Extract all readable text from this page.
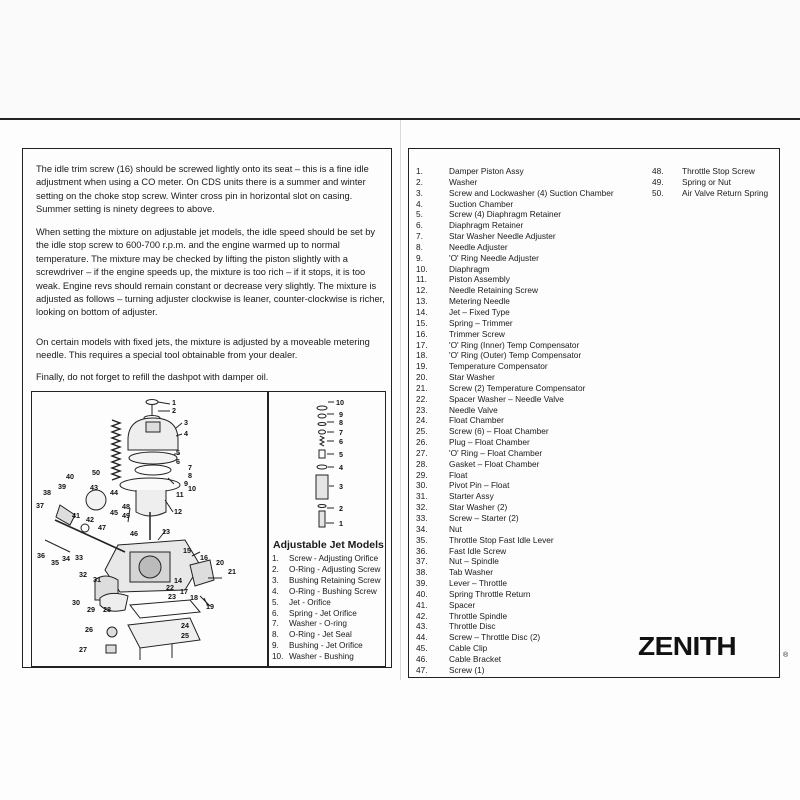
The idle trim screw (16) should be screwed lightly onto its seat – this is a fine idle adjustment when using a CO meter. On CDS units there is a summer and winter setting on the choke stop screw. Winter cross pin in horizontal slot on casing. Summer setting is ninety degrees to above.

When setting the mixture on adjustable jet models, the idle speed should be set by the idle stop screw to 600-700 r.p.m. and the engine warmed up to normal temperature. The mixture may be checked by lifting the piston slightly with a screwdriver – if the engine speeds up, the mixture is too rich – if it stops, it is too weak. Engine revs should remain constant or decrease very slightly. The mixture is adjusted as follows – turning adjuster clockwise is leaner, counter-clockwise is richer, looking on bottom of adjuster.

On certain models with fixed jets, the mixture is adjusted by a moveable metering needle. This requires a special tool obtainable from your dealer.

Finally, do not forget to refill the dashpot with damper oil.

1
2
3
4
5
6
7
8
9
10
11
12
13
14
15
16
17
18
19
20
21
22
23
24
25
26
27
28
29
30
31
32
33
34
35
36
37
38
39
40
41 42
43
44
45
46
47
48
49
50
10
9
8
7
6
5
4
3
2
1
Adjustable Jet Models
1. Screw - Adjusting Orifice
2. O-Ring - Adjusting Screw
3. Bushing Retaining Screw
4. O-Ring - Bushing Screw
5. Jet - Orifice
6. Spring - Jet Orifice
7. Washer - O-ring
8. O-Ring - Jet Seal
9. Bushing - Jet Orifice
10. Washer - Bushing
1.	Damper Piston Assy
2.	Washer
3.	Screw and Lockwasher (4) Suction Chamber
4.	Suction Chamber
5.	Screw (4) Diaphragm Retainer
6.	Diaphragm Retainer
7.	Star Washer Needle Adjuster
8.	Needle Adjuster
9.	'O' Ring Needle Adjuster
10.	Diaphragm
11.	Piston Assembly
12.	Needle Retaining Screw
13.	Metering Needle
14.	Jet – Fixed Type
15.	Spring – Trimmer
16.	Trimmer Screw
17.	'O' Ring (Inner) Temp Compensator
18.	'O' Ring (Outer) Temp Compensator
19.	Temperature Compensator
20.	Star Washer
21.	Screw (2) Temperature Compensator
22.	Spacer Washer – Needle Valve
23.	Needle Valve
24.	Float Chamber
25.	Screw (6) – Float Chamber
26.	Plug – Float Chamber
27.	'O' Ring – Float Chamber
28.	Gasket – Float Chamber
29.	Float
30.	Pivot Pin – Float
31.	Starter Assy
32.	Star Washer (2)
33.	Screw – Starter (2)
34.	Nut
35.	Throttle Stop Fast Idle Lever
36.	Fast Idle Screw
37.	Nut – Spindle
38.	Tab Washer
39.	Lever – Throttle
40.	Spring Throttle Return
41.	Spacer
42.	Throttle Spindle
43.	Throttle Disc
44.	Screw – Throttle Disc (2)
45.	Cable Clip
46.	Cable Bracket
47.	Screw (1)
48. Throttle Stop Screw
49. Spring or Nut
50. Air Valve Return Spring
ZENITH	®
